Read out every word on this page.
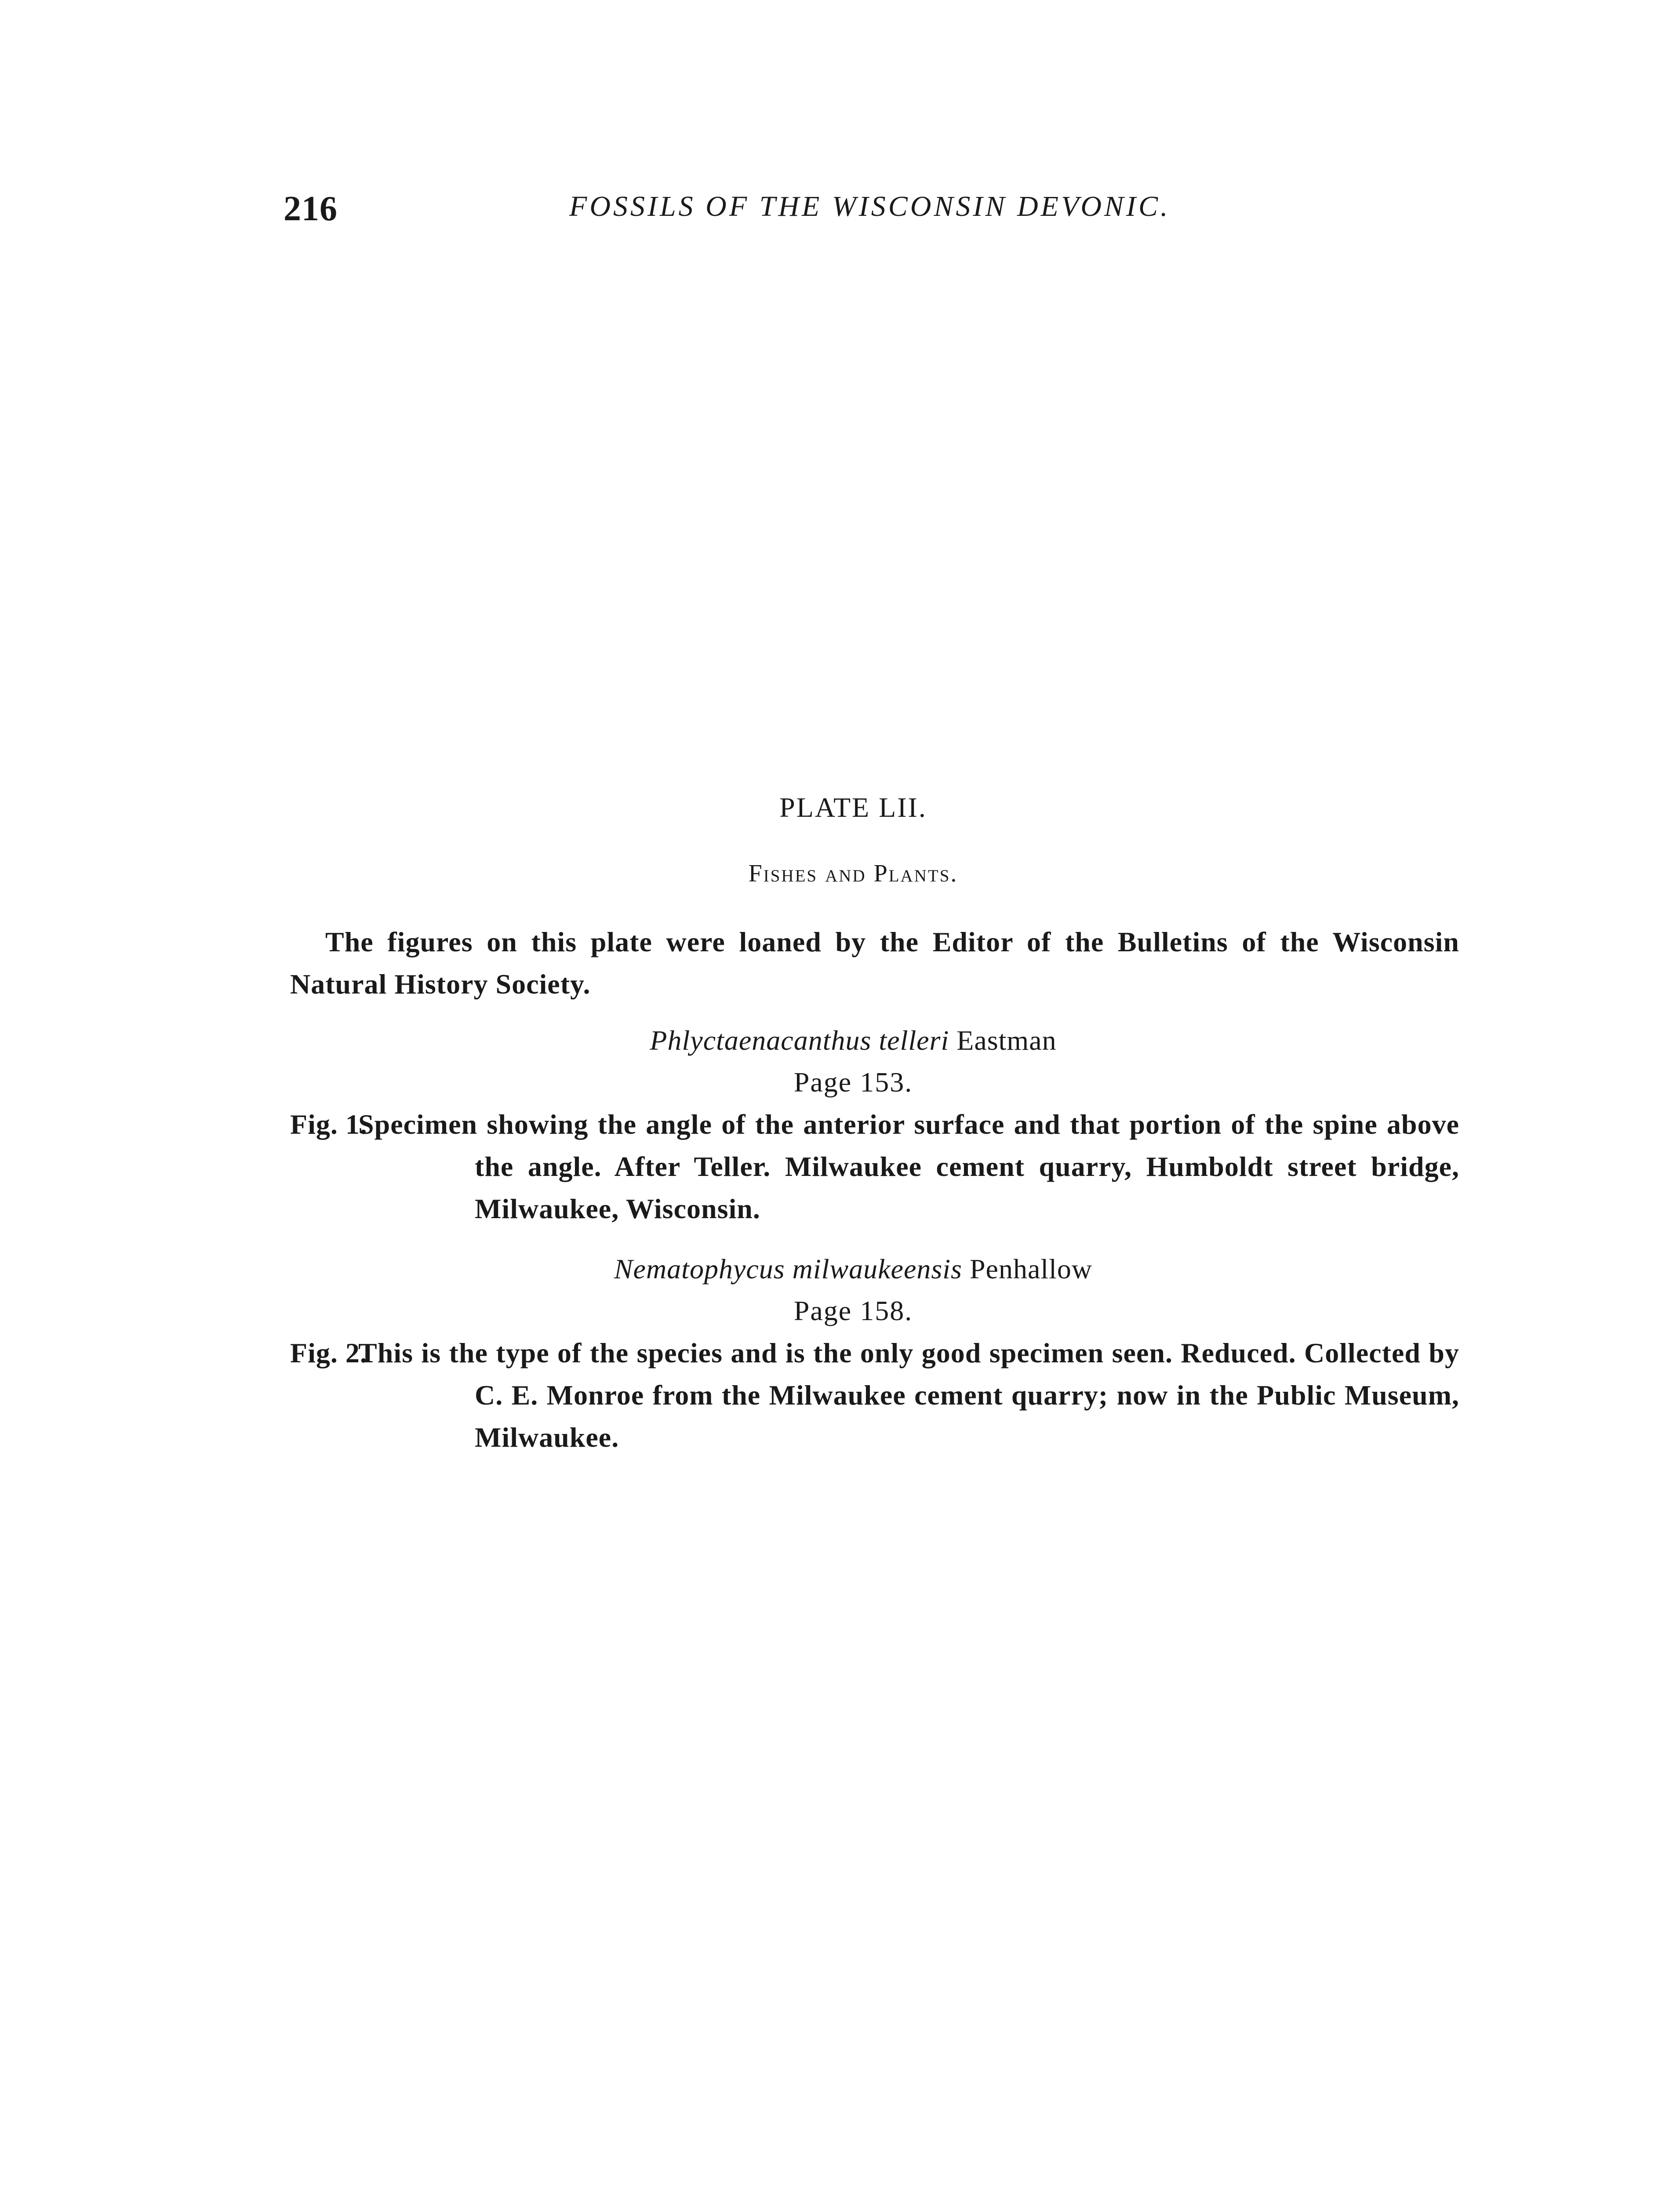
216	FOSSILS OF THE WISCONSIN DEVONIC.
PLATE LII.
Fishes and Plants.
The figures on this plate were loaned by the Editor of the Bulletins of the Wisconsin Natural History Society.
Phlyctaenacanthus telleri Eastman
Page 153.
Fig. 1.
Specimen showing the angle of the anterior surface and that portion of the spine above the angle. After Teller. Milwaukee cement quarry, Humboldt street bridge, Milwaukee, Wisconsin.
Nematophycus milwaukeensis Penhallow
Page 158.
Fig. 2.
This is the type of the species and is the only good specimen seen. Reduced. Collected by C. E. Monroe from the Milwaukee cement quarry; now in the Public Museum, Milwaukee.
